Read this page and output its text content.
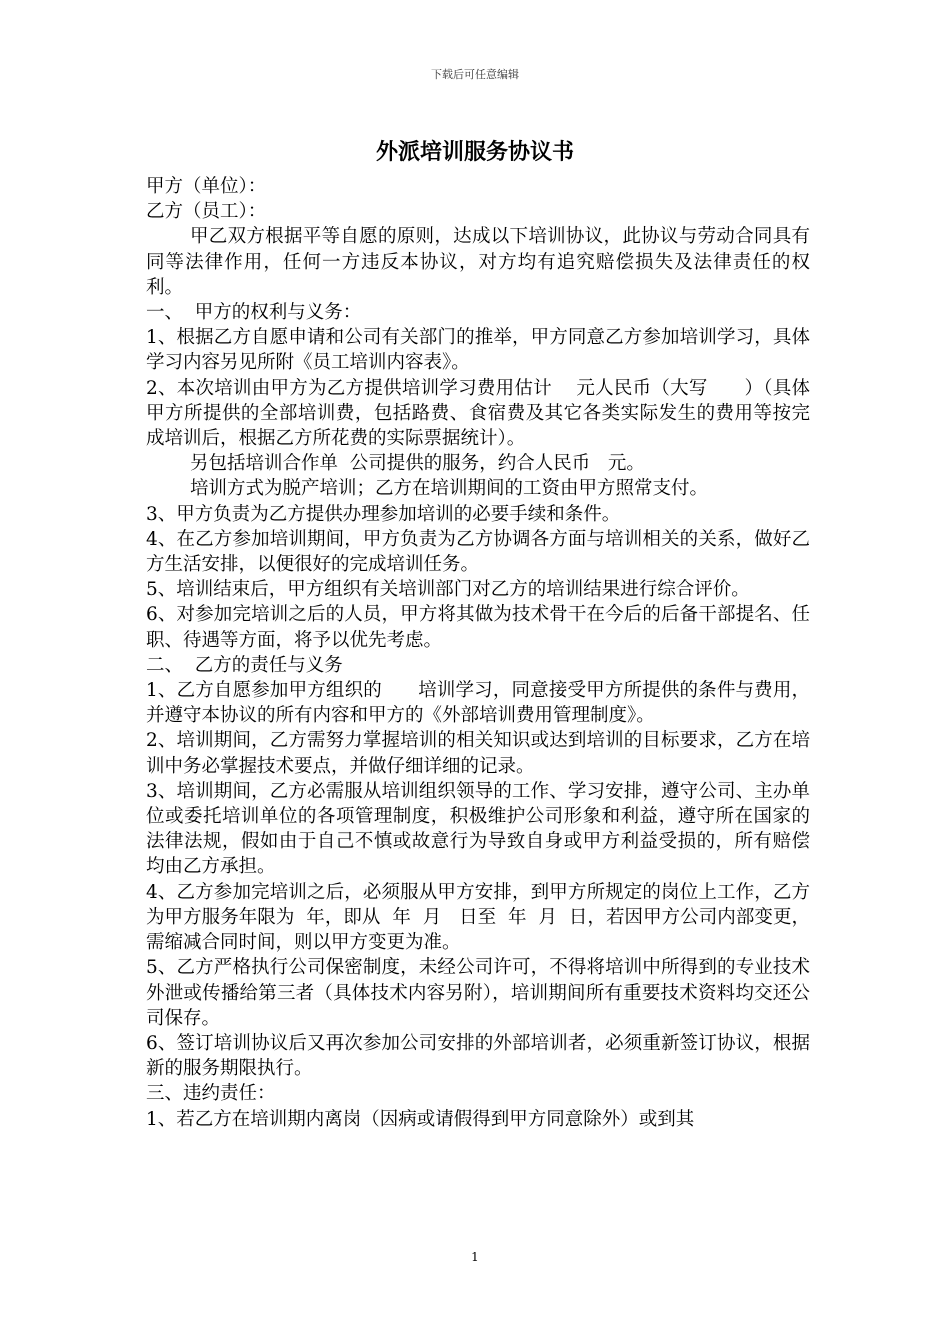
下载后可任意编辑
外派培训服务协议书

甲方（单位）：

乙方（员工）：

甲乙双方根据平等自愿的原则，达成以下培训协议，此协议与劳动合同具有同等法律作用，任何一方违反本协议，对方均有追究赔偿损失及法律责任的权利。

一、  甲方的权利与义务：

1、根据乙方自愿申请和公司有关部门的推举，甲方同意乙方参加培训学习，具体学习内容另见所附《员工培训内容表》。

2、本次培训由甲方为乙方提供培训学习费用估计    元人民币（大写      ）（具体甲方所提供的全部培训费，包括路费、食宿费及其它各类实际发生的费用等按完成培训后，根据乙方所花费的实际票据统计）。

另包括培训合作单  公司提供的服务，约合人民币   元。

培训方式为脱产培训；乙方在培训期间的工资由甲方照常支付。

3、甲方负责为乙方提供办理参加培训的必要手续和条件。

4、在乙方参加培训期间，甲方负责为乙方协调各方面与培训相关的关系，做好乙方生活安排，以便很好的完成培训任务。

5、培训结束后，甲方组织有关培训部门对乙方的培训结果进行综合评价。

6、对参加完培训之后的人员，甲方将其做为技术骨干在今后的后备干部提名、任职、待遇等方面，将予以优先考虑。

二、  乙方的责任与义务

1、乙方自愿参加甲方组织的      培训学习，同意接受甲方所提供的条件与费用，并遵守本协议的所有内容和甲方的《外部培训费用管理制度》。

2、培训期间，乙方需努力掌握培训的相关知识或达到培训的目标要求，乙方在培训中务必掌握技术要点，并做仔细详细的记录。

3、培训期间，乙方必需服从培训组织领导的工作、学习安排，遵守公司、主办单位或委托培训单位的各项管理制度，积极维护公司形象和利益，遵守所在国家的法律法规，假如由于自己不慎或故意行为导致自身或甲方利益受损的，所有赔偿均由乙方承担。

4、乙方参加完培训之后，必须服从甲方安排，到甲方所规定的岗位上工作，乙方为甲方服务年限为  年，即从  年  月   日至  年  月  日，若因甲方公司内部变更，需缩减合同时间，则以甲方变更为准。

5、乙方严格执行公司保密制度，未经公司许可，不得将培训中所得到的专业技术外泄或传播给第三者（具体技术内容另附），培训期间所有重要技术资料均交还公司保存。

6、签订培训协议后又再次参加公司安排的外部培训者，必须重新签订协议，根据新的服务期限执行。

三、违约责任：

1、若乙方在培训期内离岗（因病或请假得到甲方同意除外）或到其

1
